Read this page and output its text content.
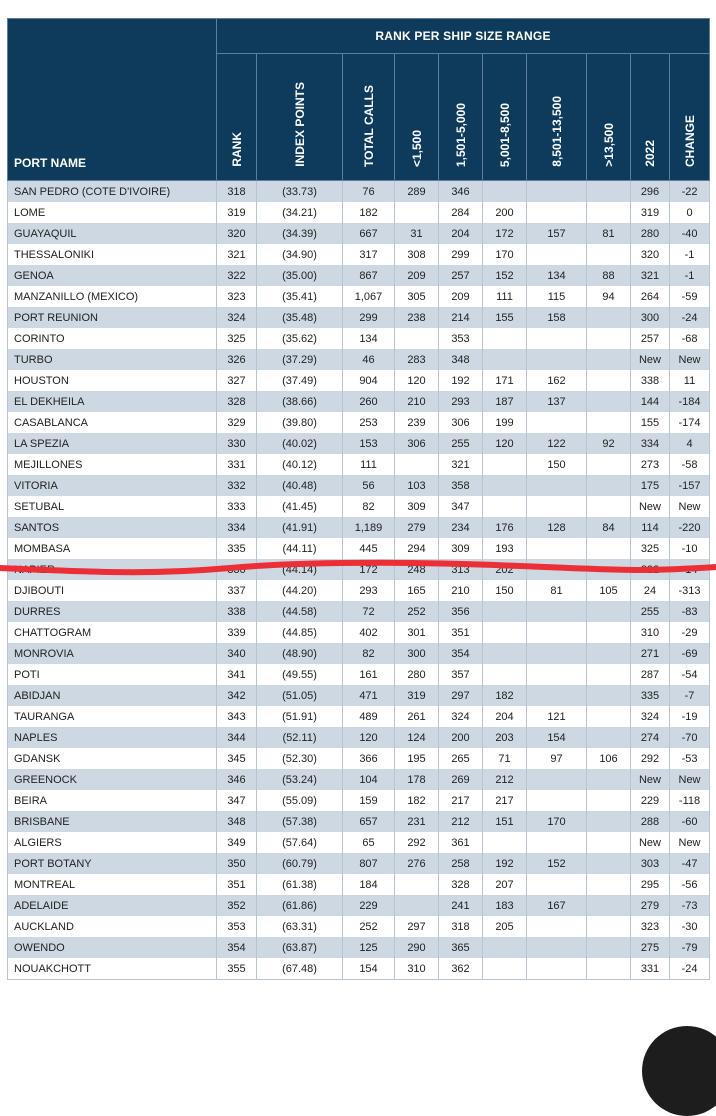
PORT NAME	RANK PER SHIP SIZE RANGE									
	RANK	INDEX POINTS	TOTAL CALLS	<1,500	1,501-5,000	5,001-8,500	8,501-13,500	>13,500	2022	CHANGE
SAN PEDRO (COTE D'IVOIRE)	318	(33.73)	76	289	346				296	-22
LOME	319	(34.21)	182		284	200			319	0
GUAYAQUIL	320	(34.39)	667	31	204	172	157	81	280	-40
THESSALONIKI	321	(34.90)	317	308	299	170			320	-1
GENOA	322	(35.00)	867	209	257	152	134	88	321	-1
MANZANILLO (MEXICO)	323	(35.41)	1,067	305	209	111	115	94	264	-59
PORT REUNION	324	(35.48)	299	238	214	155	158		300	-24
CORINTO	325	(35.62)	134		353				257	-68
TURBO	326	(37.29)	46	283	348				New	New
HOUSTON	327	(37.49)	904	120	192	171	162		338	11
EL DEKHEILA	328	(38.66)	260	210	293	187	137		144	-184
CASABLANCA	329	(39.80)	253	239	306	199			155	-174
LA SPEZIA	330	(40.02)	153	306	255	120	122	92	334	4
MEJILLONES	331	(40.12)	111		321		150		273	-58
VITORIA	332	(40.48)	56	103	358				175	-157
SETUBAL	333	(41.45)	82	309	347				New	New
SANTOS	334	(41.91)	1,189	279	234	176	128	84	114	-220
MOMBASA	335	(44.11)	445	294	309	193			325	-10
NAPIER	336	(44.14)	172	248	313	202			322	-14
DJIBOUTI	337	(44.20)	293	165	210	150	81	105	24	-313
DURRES	338	(44.58)	72	252	356				255	-83
CHATTOGRAM	339	(44.85)	402	301	351				310	-29
MONROVIA	340	(48.90)	82	300	354				271	-69
POTI	341	(49.55)	161	280	357				287	-54
ABIDJAN	342	(51.05)	471	319	297	182			335	-7
TAURANGA	343	(51.91)	489	261	324	204	121		324	-19
NAPLES	344	(52.11)	120	124	200	203	154		274	-70
GDANSK	345	(52.30)	366	195	265	71	97	106	292	-53
GREENOCK	346	(53.24)	104	178	269	212			New	New
BEIRA	347	(55.09)	159	182	217	217			229	-118
BRISBANE	348	(57.38)	657	231	212	151	170		288	-60
ALGIERS	349	(57.64)	65	292	361				New	New
PORT BOTANY	350	(60.79)	807	276	258	192	152		303	-47
MONTREAL	351	(61.38)	184		328	207			295	-56
ADELAIDE	352	(61.86)	229		241	183	167		279	-73
AUCKLAND	353	(63.31)	252	297	318	205			323	-30
OWENDO	354	(63.87)	125	290	365				275	-79
NOUAKCHOTT	355	(67.48)	154	310	362				331	-24
